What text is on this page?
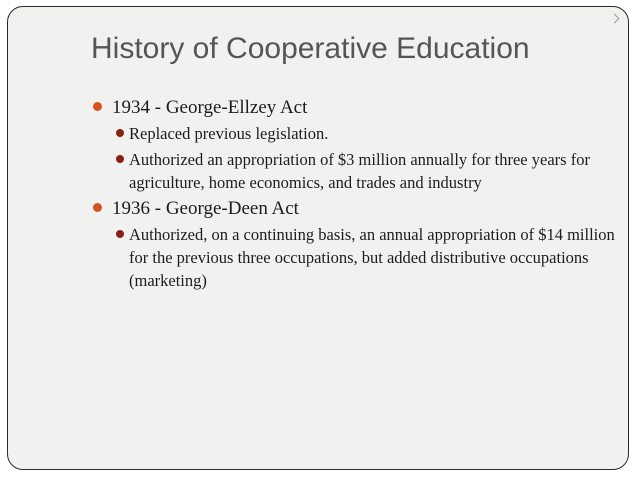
History of Cooperative Education
1934 - George-Ellzey Act
Replaced previous legislation.
Authorized an appropriation of $3 million annually for three years for agriculture, home economics, and trades and industry
1936 - George-Deen Act
Authorized, on a continuing basis, an annual appropriation of $14 million for the previous three occupations, but added distributive occupations (marketing)
